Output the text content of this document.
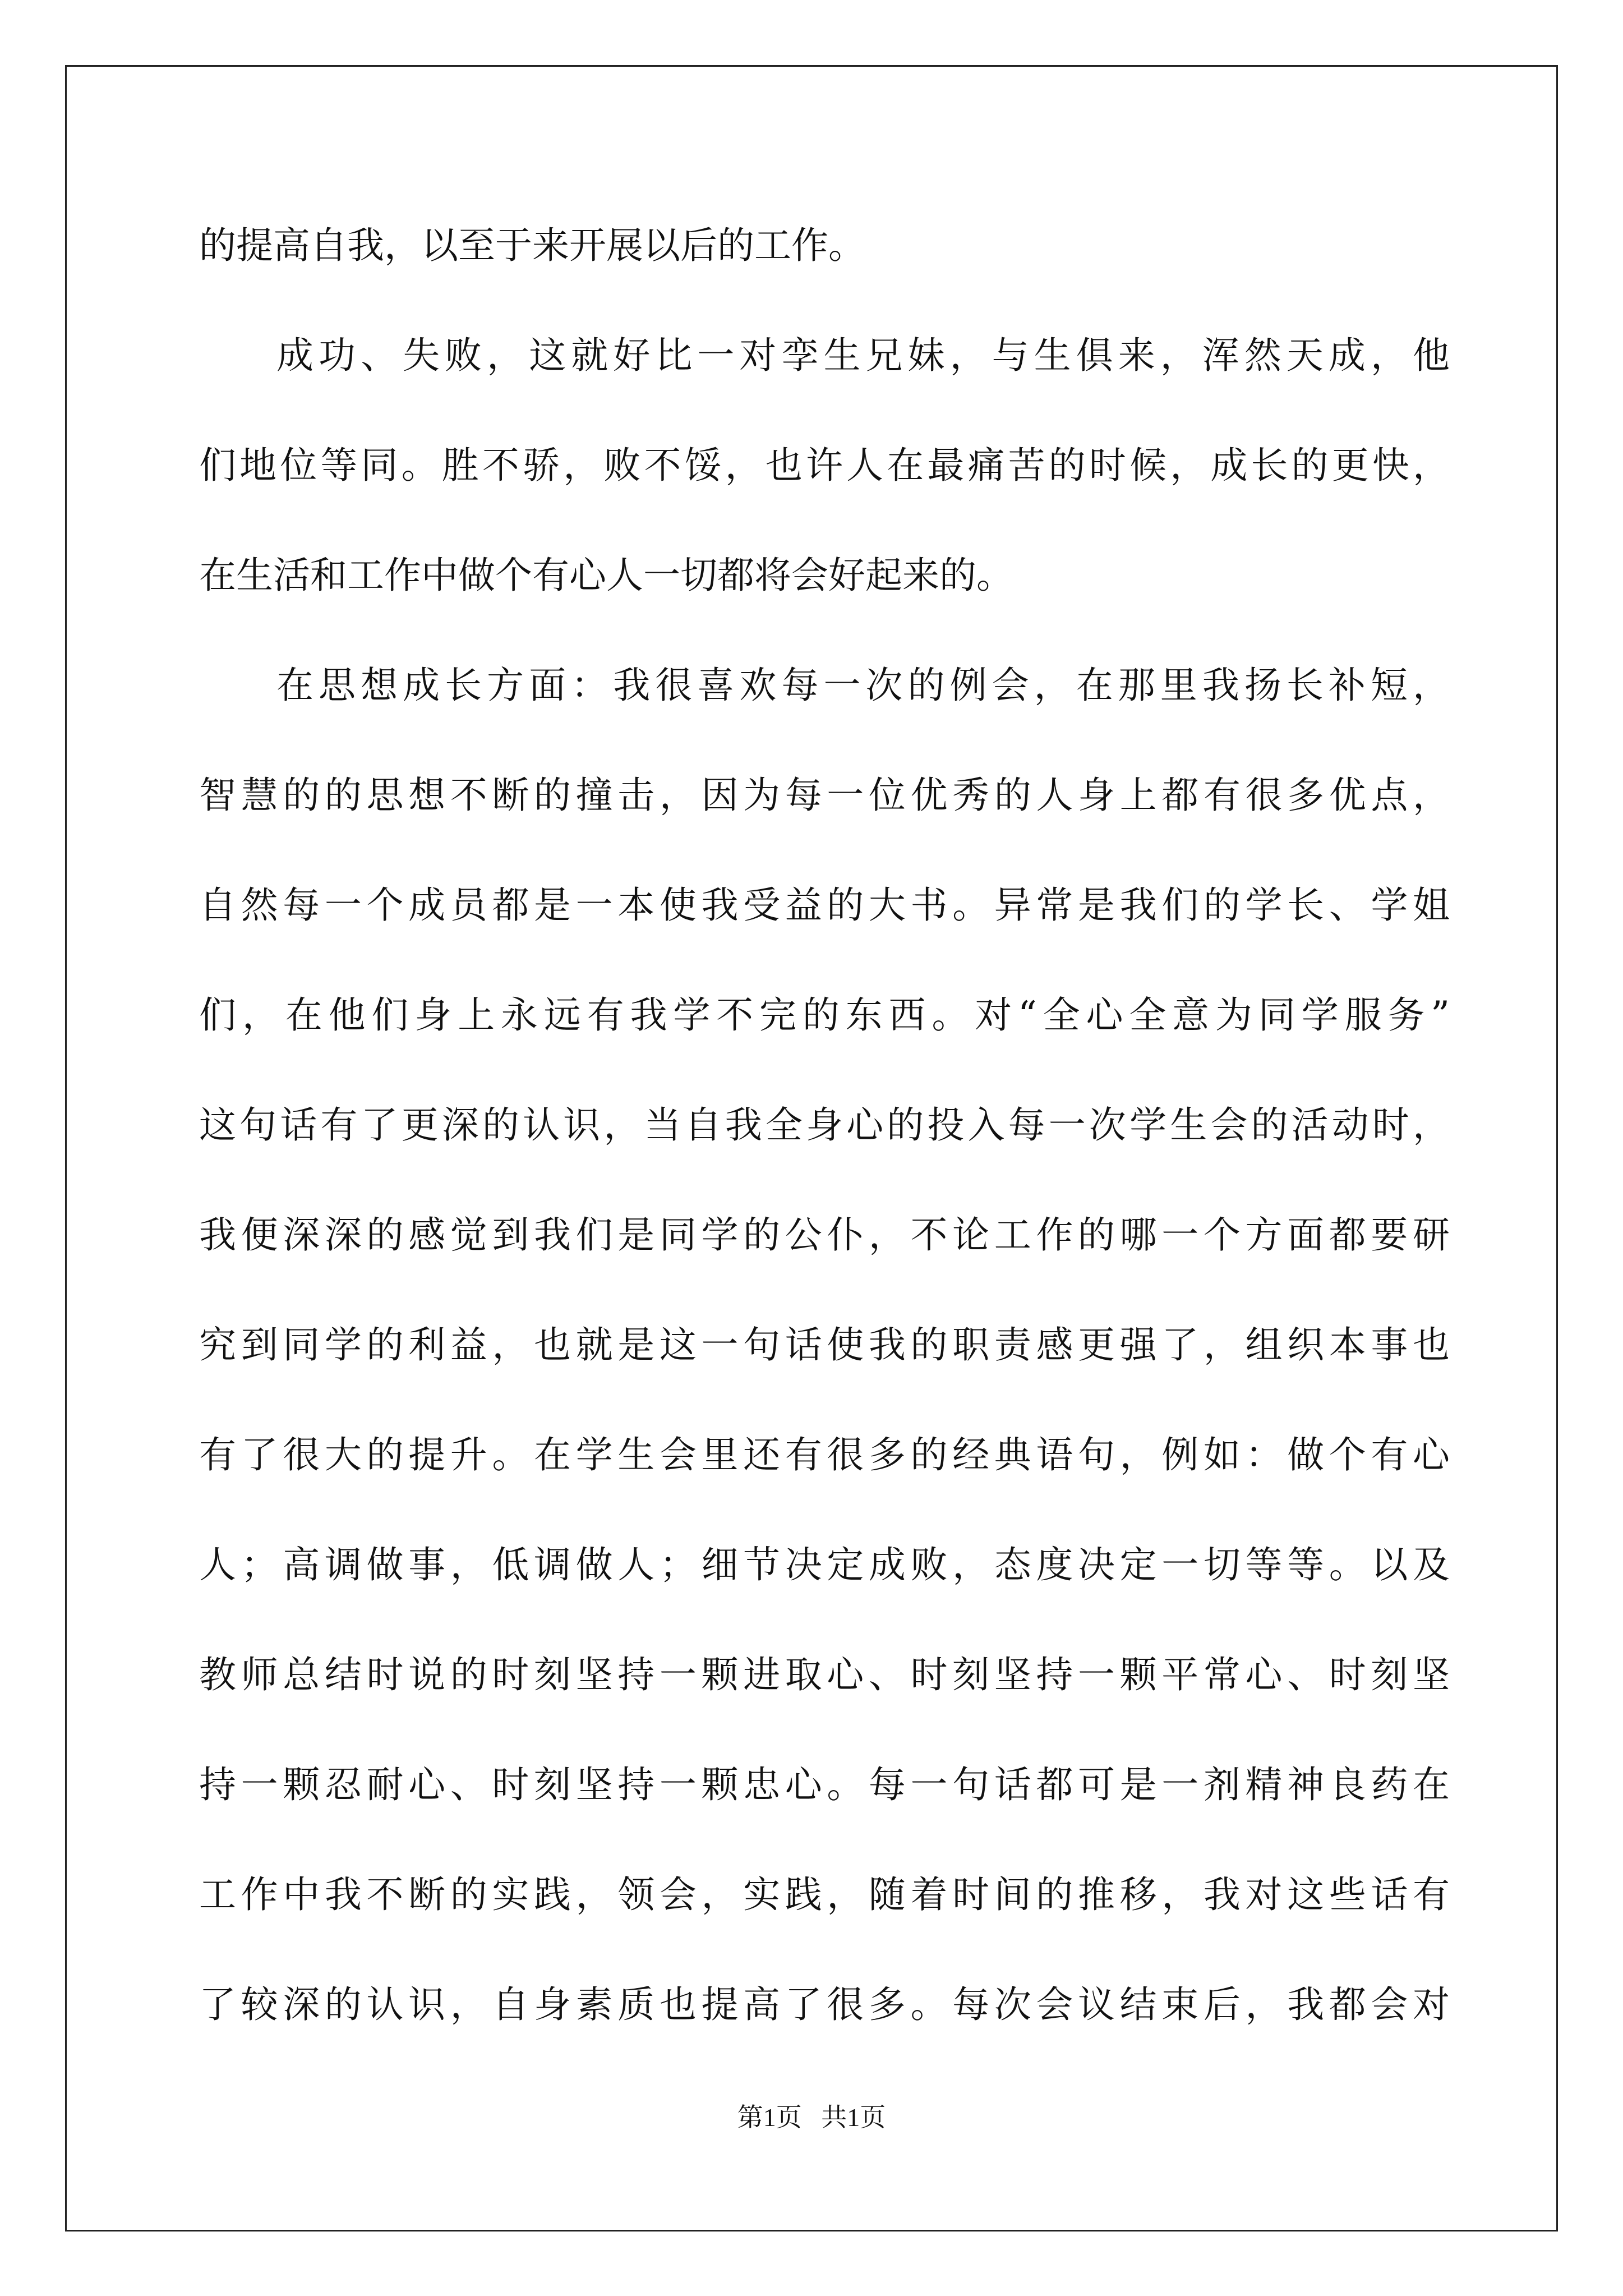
的提高自我，以至于来开展以后的工作。
成功、失败，这就好比一对孪生兄妹，与生俱来，浑然天成，他
们地位等同。胜不骄，败不馁，也许人在最痛苦的时候，成长的更快，
在生活和工作中做个有心人一切都将会好起来的。
在思想成长方面：我很喜欢每一次的例会，在那里我扬长补短，
智慧的的思想不断的撞击，因为每一位优秀的人身上都有很多优点，
自然每一个成员都是一本使我受益的大书。异常是我们的学长、学姐
们，在他们身上永远有我学不完的东西。对“全心全意为同学服务”
这句话有了更深的认识，当自我全身心的投入每一次学生会的活动时，
我便深深的感觉到我们是同学的公仆，不论工作的哪一个方面都要研
究到同学的利益，也就是这一句话使我的职责感更强了，组织本事也
有了很大的提升。在学生会里还有很多的经典语句，例如：做个有心
人；高调做事，低调做人；细节决定成败，态度决定一切等等。以及
教师总结时说的时刻坚持一颗进取心、时刻坚持一颗平常心、时刻坚
持一颗忍耐心、时刻坚持一颗忠心。每一句话都可是一剂精神良药在
工作中我不断的实践，领会，实践，随着时间的推移，我对这些话有
了较深的认识，自身素质也提高了很多。每次会议结束后，我都会对
第1页   共1页
